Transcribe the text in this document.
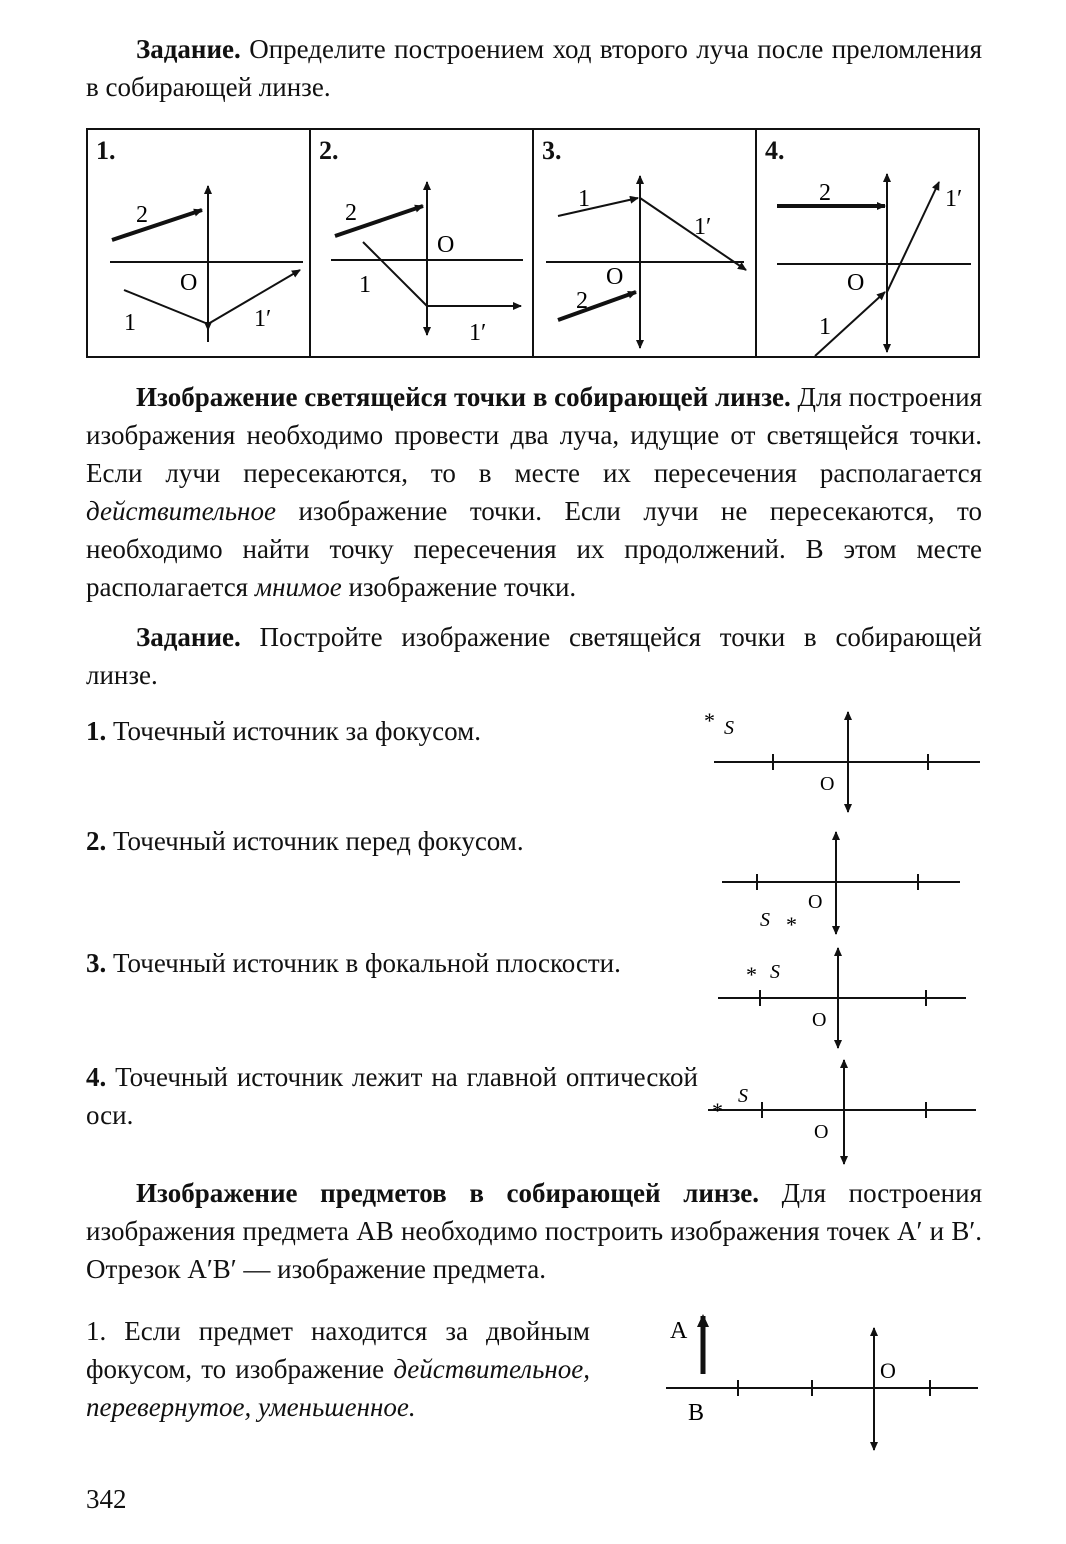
Задание. Определите построением ход второго луча после преломления в собирающей линзе.

1.
2
O
1	1′
2.
2
O
1
1′
3.
1
1′
O
2
4.
2	1′
O
1

Изображение светящейся точки в собирающей линзе. Для построения изображения необходимо провести два луча, идущие от светящейся точки. Если лучи пересекаются, то в месте их пересечения располагается действительное изображение точки. Если лучи не пересекаются, то необходимо найти точку пересечения их продолжений. В этом месте располагается мнимое изображение точки.

Задание. Постройте изображение светящейся точки в собирающей линзе.

1. Точечный источник за фокусом.

2. Точечный источник перед фокусом.

3. Точечный источник в фокальной плоскости.

4. Точечный источник лежит на главной оптической оси.

* S
O
O
S *
* S
O
*
S
O

Изображение предметов в собирающей линзе. Для построения изображения предмета АВ необходимо построить изображения точек А′ и В′. Отрезок А′В′ — изображение предмета.

1. Если предмет находится за двойным фокусом, то изображение действительное, перевернутое, уменьшенное.

A
B
O
342
